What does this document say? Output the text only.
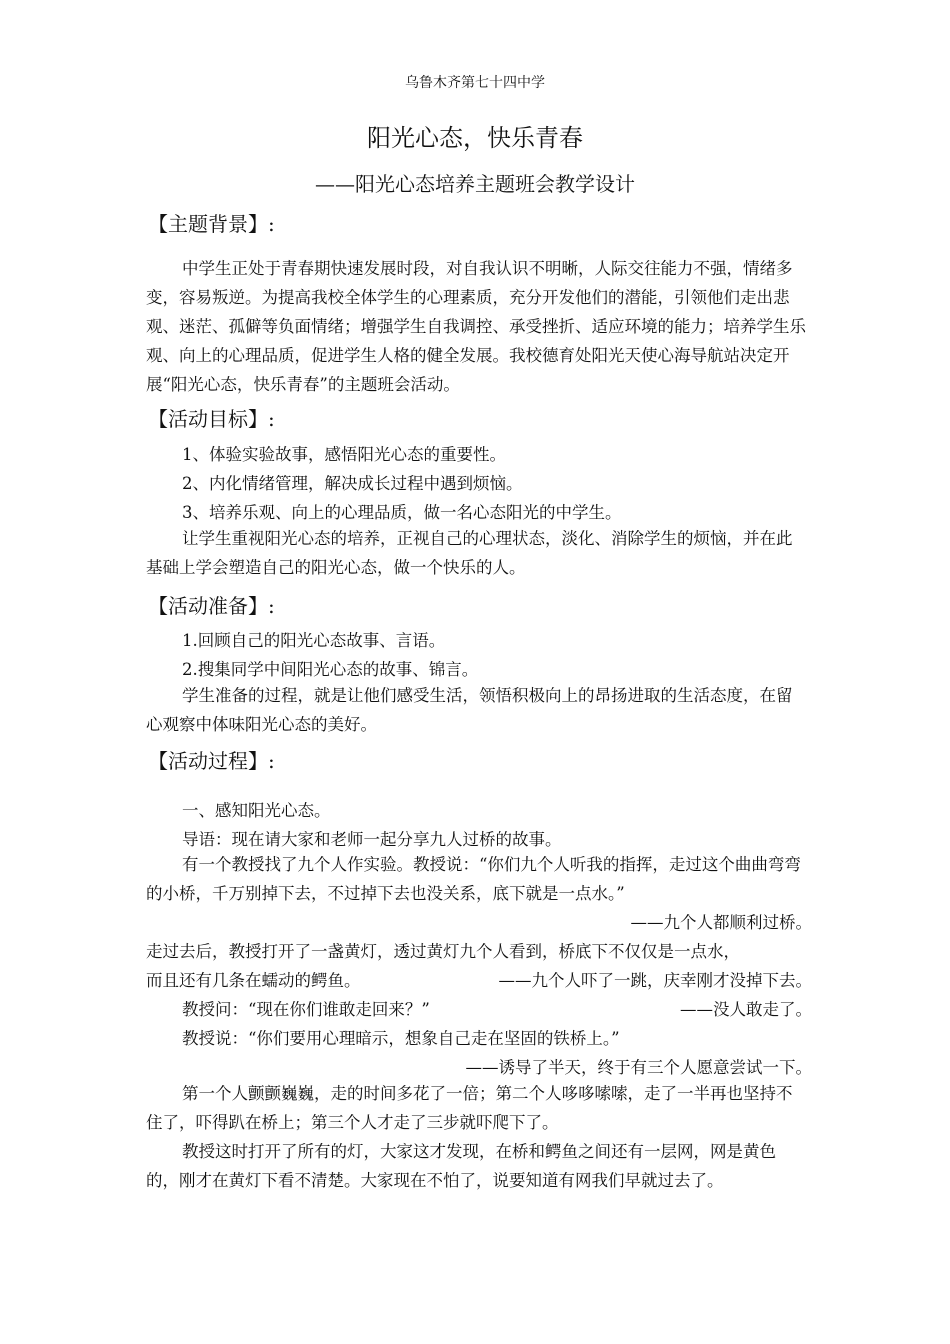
乌鲁木齐第七十四中学
阳光心态，快乐青春
——阳光心态培养主题班会教学设计
【主题背景】:
中学生正处于青春期快速发展时段，对自我认识不明晰，人际交往能力不强，情绪多变，容易叛逆。为提高我校全体学生的心理素质，充分开发他们的潜能，引领他们走出悲观、迷茫、孤僻等负面情绪；增强学生自我调控、承受挫折、适应环境的能力；培养学生乐观、向上的心理品质，促进学生人格的健全发展。我校德育处阳光天使心海导航站决定开展“阳光心态，快乐青春”的主题班会活动。
【活动目标】:
1、体验实验故事，感悟阳光心态的重要性。
2、内化情绪管理，解决成长过程中遇到烦恼。
3、培养乐观、向上的心理品质，做一名心态阳光的中学生。
让学生重视阳光心态的培养，正视自己的心理状态，淡化、消除学生的烦恼，并在此基础上学会塑造自己的阳光心态，做一个快乐的人。
【活动准备】:
1.回顾自己的阳光心态故事、言语。
2.搜集同学中间阳光心态的故事、锦言。
学生准备的过程，就是让他们感受生活，领悟积极向上的昂扬进取的生活态度，在留心观察中体味阳光心态的美好。
【活动过程】:
一、感知阳光心态。
导语：现在请大家和老师一起分享九人过桥的故事。
有一个教授找了九个人作实验。教授说：“你们九个人听我的指挥，走过这个曲曲弯弯的小桥，千万别掉下去，不过掉下去也没关系，底下就是一点水。”
——九个人都顺利过桥。
走过去后，教授打开了一盏黄灯，透过黄灯九个人看到，桥底下不仅仅是一点水，
而且还有几条在蠕动的鳄鱼。	——九个人吓了一跳，庆幸刚才没掉下去。
教授问：“现在你们谁敢走回来？”	——没人敢走了。
教授说：“你们要用心理暗示，想象自己走在坚固的铁桥上。”
——诱导了半天，终于有三个人愿意尝试一下。
第一个人颤颤巍巍，走的时间多花了一倍；第二个人哆哆嗦嗦，走了一半再也坚持不住了，吓得趴在桥上；第三个人才走了三步就吓爬下了。
教授这时打开了所有的灯，大家这才发现，在桥和鳄鱼之间还有一层网，网是黄色的，刚才在黄灯下看不清楚。大家现在不怕了，说要知道有网我们早就过去了。
